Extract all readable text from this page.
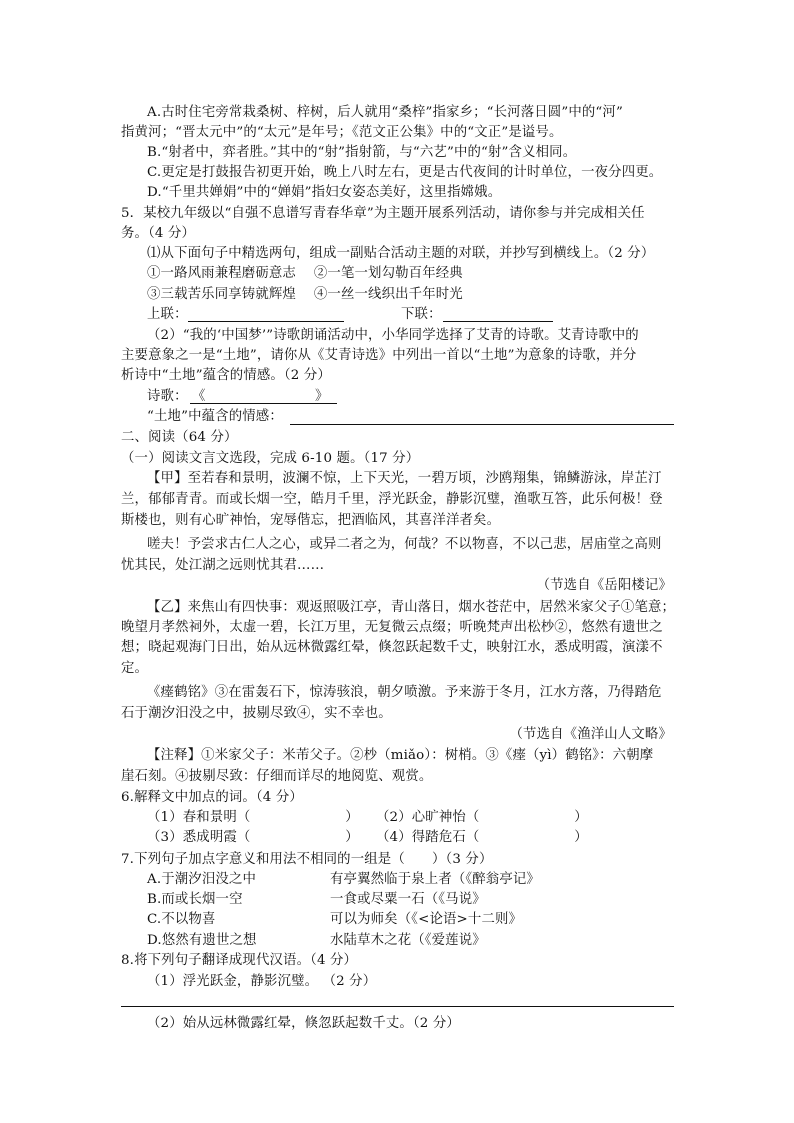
A.古时住宅旁常栽桑树、梓树，后人就用“桑梓”指家乡；“长河落日圆”中的“河”
指黄河；“晋太元中”的“太元”是年号；《范文正公集》中的“文正”是谥号。
B.“射者中，弈者胜。”其中的“射”指射箭，与“六艺”中的“射”含义相同。
C.更定是打鼓报告初更开始，晚上八时左右，更是古代夜间的计时单位，一夜分四更。
D.“千里共婵娟”中的“婵娟”指妇女姿态美好，这里指嫦娥。
5．某校九年级以“自强不息谱写青春华章”为主题开展系列活动，请你参与并完成相关任
务。（4 分）
⑴从下面句子中精选两句，组成一副贴合活动主题的对联，并抄写到横线上。（2 分）
①一路风雨兼程磨砺意志　 ②一笔一划勾勒百年经典
③三载苦乐同享铸就辉煌　 ④一丝一线织出千年时光
上联：	下联：
（2）“我的‘中国梦’”诗歌朗诵活动中，小华同学选择了艾青的诗歌。艾青诗歌中的
主要意象之一是“土地”，请你从《艾青诗选》中列出一首以“土地”为意象的诗歌，并分
析诗中“土地”蕴含的情感。（2 分）
诗歌： 《	》
“土地”中蕴含的情感：
二、阅读（64 分）
（一）阅读文言文选段，完成 6-10 题。（17 分）
【甲】至若春和景明，波澜不惊，上下天光，一碧万顷，沙鸥翔集，锦鳞游泳，岸芷汀
兰，郁郁青青。而或长烟一空，皓月千里，浮光跃金，静影沉璧，渔歌互答，此乐何极！登
斯楼也，则有心旷神怡，宠辱偕忘，把酒临风，其喜洋洋者矣。
嗟夫！予尝求古仁人之心，或异二者之为，何哉？不以物喜，不以己悲，居庙堂之高则
忧其民，处江湖之远则忧其君……
（节选自《岳阳楼记》
【乙】来焦山有四快事：观返照吸江亭，青山落日，烟水苍茫中，居然米家父子①笔意；
晚望月孝然祠外，太虚一碧，长江万里，无复微云点缀；听晚梵声出松杪②，悠然有遗世之
想；晓起观海门日出，始从远林微露红晕，倏忽跃起数千丈，映射江水，悉成明霞，演漾不
定。
《瘗鹤铭》③在雷轰石下，惊涛骇浪，朝夕喷激。予来游于冬月，江水方落，乃得踏危
石于潮汐汨没之中，披剔尽致④，实不幸也。
（节选自《渔洋山人文略》
【注释】①米家父子：米芾父子。②杪（miǎo）：树梢。③《瘗（yì）鹤铭》：六朝摩
崖石刻。④披剔尽致：仔细而详尽的地阅览、观赏。
6.解释文中加点的词。（4 分）
（1）春和景明（　　　　　　　） （2）心旷神怡（　　　　　　　）
（3）悉成明霞（　　　　　　　） （4）得踏危石（　　　　　　　）
7.下列句子加点字意义和用法不相同的一组是（　　）（3 分）
A.于潮汐汨没之中	有亭翼然临于泉上者（《醉翁亭记》
B.而或长烟一空	一食或尽粟一石（《马说》
C.不以物喜	可以为师矣（《<论语>十二则》
D.悠然有遗世之想	水陆草木之花（《爱莲说》
8.将下列句子翻译成现代汉语。（4 分）
（1）浮光跃金，静影沉璧。 （2 分）
（2）始从远林微露红晕，倏忽跃起数千丈。（2 分）
